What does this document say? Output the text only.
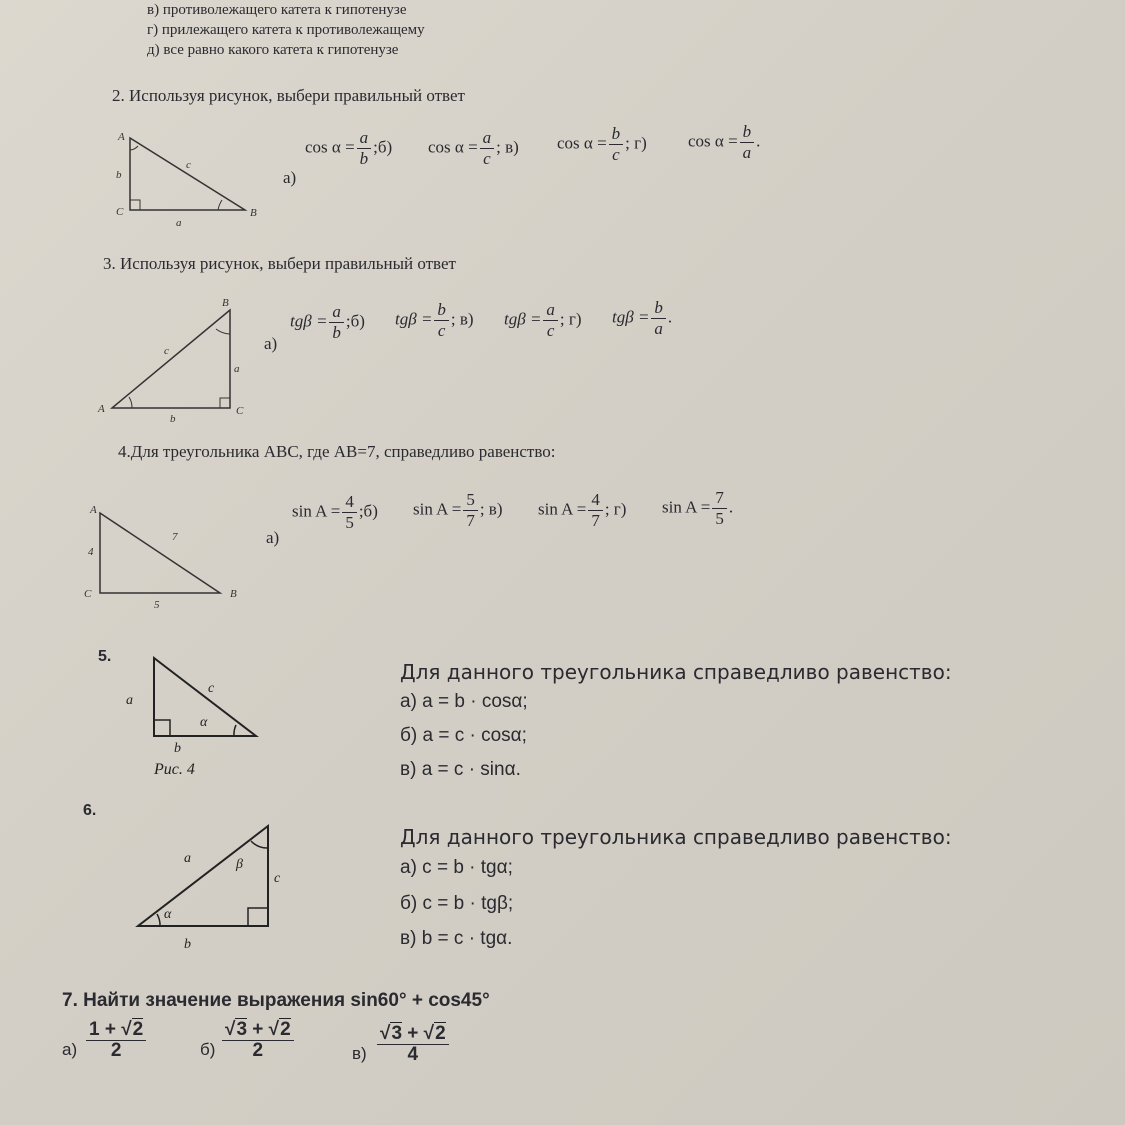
в) противолежащего катета к гипотенузе
г) прилежащего катета к противолежащему
д) все равно какого катета к гипотенузе
2. Используя рисунок, выбери правильный ответ
A
C	B
b
c
a
а)
$\cos \alpha = \frac{a}{b}$ ;б) $\cos \alpha = \frac{a}{c}$ ; в) $\cos \alpha = \frac{b}{c}$ ; г) $\cos \alpha = \frac{b}{a}$ .
3. Используя рисунок, выбери правильный ответ
B
A	C
a
c
b
а)
$tg\beta = \frac{a}{b}$ ;б) $tg\beta = \frac{b}{c}$ ; в) $tg\beta = \frac{a}{c}$ ; г) $tg\beta = \frac{b}{a}$ .
4.Для треугольника ABC, где AB=7, справедливо равенство:
A
C	B
4
7
5
а)
$\sin A = \frac{4}{5}$ ;б) $\sin A = \frac{5}{7}$ ; в) $\sin A = \frac{4}{7}$ ; г) $\sin A = \frac{7}{5}$ .
5.
a
c
α
b
Рис. 4
Для данного треугольника справедливо равенство:
а) a = b · cosα;
б) a = c · cosα;
в) a = c · sinα.
6.
a	β
c
α
b
Для данного треугольника справедливо равенство:
а) c = b · tgα;
б) c = b · tgβ;
в) b = c · tgα.
7. Найти значение выражения sin60° + cos45°
$а) \frac{1 + √2}{2}$	$б) \frac{√3 + √2}{2}$	$в) \frac{√3 + √2}{4}$
